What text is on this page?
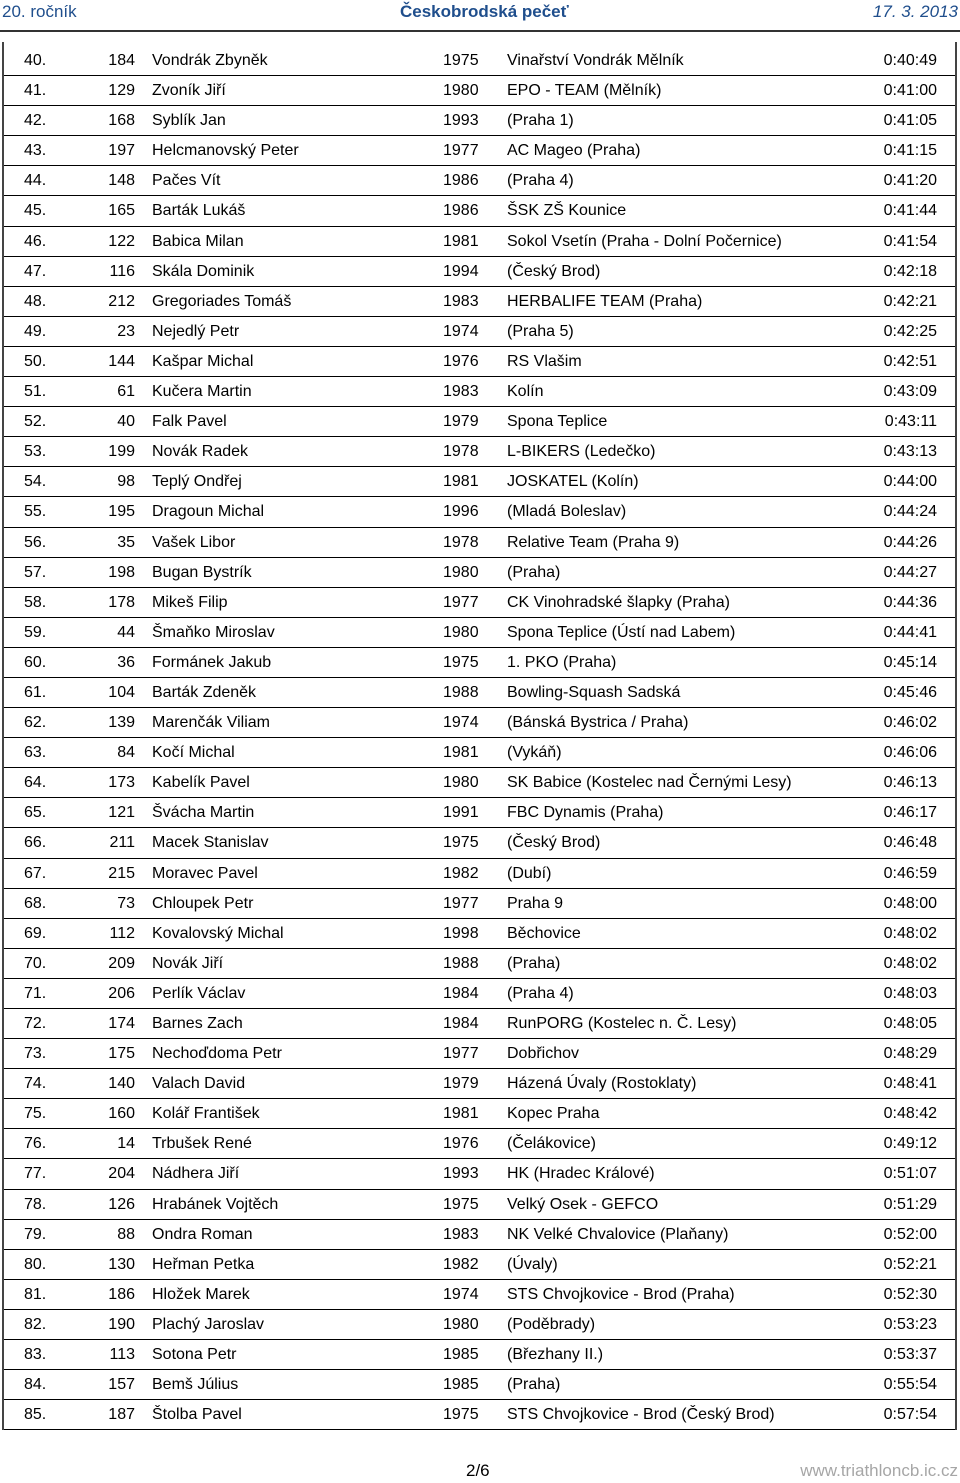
20. ročník	Českobrodská pečeť	17. 3. 2013
40.	184 Vondrák Zbyněk	1975 Vinařství Vondrák Mělník	0:40:49
41.	129 Zvoník Jiří	1980 EPO - TEAM (Mělník)	0:41:00
42.	168 Syblík Jan	1993 (Praha 1)	0:41:05
43.	197 Helcmanovský Peter	1977 AC Mageo (Praha)	0:41:15
44.	148 Pačes Vít	1986 (Praha 4)	0:41:20
45.	165 Barták Lukáš	1986 ŠSK ZŠ Kounice	0:41:44
46.	122 Babica Milan	1981 Sokol Vsetín (Praha - Dolní Počernice)	0:41:54
47.	116 Skála Dominik	1994 (Český Brod)	0:42:18
48.	212 Gregoriades Tomáš	1983 HERBALIFE TEAM (Praha)	0:42:21
49.	23 Nejedlý Petr	1974 (Praha 5)	0:42:25
50.	144 Kašpar Michal	1976 RS Vlašim	0:42:51
51.	61 Kučera Martin	1983 Kolín	0:43:09
52.	40 Falk Pavel	1979 Spona Teplice	0:43:11
53.	199 Novák Radek	1978 L-BIKERS (Ledečko)	0:43:13
54.	98 Teplý Ondřej	1981 JOSKATEL (Kolín)	0:44:00
55.	195 Dragoun Michal	1996 (Mladá Boleslav)	0:44:24
56.	35 Vašek Libor	1978 Relative Team (Praha 9)	0:44:26
57.	198 Bugan Bystrík	1980 (Praha)	0:44:27
58.	178 Mikeš Filip	1977 CK Vinohradské šlapky (Praha)	0:44:36
59.	44 Šmaňko Miroslav	1980 Spona Teplice (Ústí nad Labem)	0:44:41
60.	36 Formánek Jakub	1975 1. PKO (Praha)	0:45:14
61.	104 Barták Zdeněk	1988 Bowling-Squash Sadská	0:45:46
62.	139 Marenčák Viliam	1974 (Bánská Bystrica / Praha)	0:46:02
63.	84 Kočí Michal	1981 (Vykáň)	0:46:06
64.	173 Kabelík Pavel	1980 SK Babice (Kostelec nad Černými Lesy)	0:46:13
65.	121 Švácha Martin	1991 FBC Dynamis (Praha)	0:46:17
66.	211 Macek Stanislav	1975 (Český Brod)	0:46:48
67.	215 Moravec Pavel	1982 (Dubí)	0:46:59
68.	73 Chloupek Petr	1977 Praha 9	0:48:00
69.	112 Kovalovský Michal	1998 Běchovice	0:48:02
70.	209 Novák Jiří	1988 (Praha)	0:48:02
71.	206 Perlík Václav	1984 (Praha 4)	0:48:03
72.	174 Barnes Zach	1984 RunPORG (Kostelec n. Č. Lesy)	0:48:05
73.	175 Nechoďdoma Petr	1977 Dobřichov	0:48:29
74.	140 Valach David	1979 Házená Úvaly (Rostoklaty)	0:48:41
75.	160 Kolář František	1981 Kopec Praha	0:48:42
76.	14 Trbušek René	1976 (Čelákovice)	0:49:12
77.	204 Nádhera Jiří	1993 HK (Hradec Králové)	0:51:07
78.	126 Hrabánek Vojtěch	1975 Velký Osek - GEFCO	0:51:29
79.	88 Ondra Roman	1983 NK Velké Chvalovice (Plaňany)	0:52:00
80.	130 Heřman Petka	1982 (Úvaly)	0:52:21
81.	186 Hložek Marek	1974 STS Chvojkovice - Brod (Praha)	0:52:30
82.	190 Plachý Jaroslav	1980 (Poděbrady)	0:53:23
83.	113 Sotona Petr	1985 (Březhany II.)	0:53:37
84.	157 Bemš Július	1985 (Praha)	0:55:54
85.	187 Štolba Pavel	1975 STS Chvojkovice - Brod (Český Brod)	0:57:54
2/6	www.triathloncb.ic.cz
